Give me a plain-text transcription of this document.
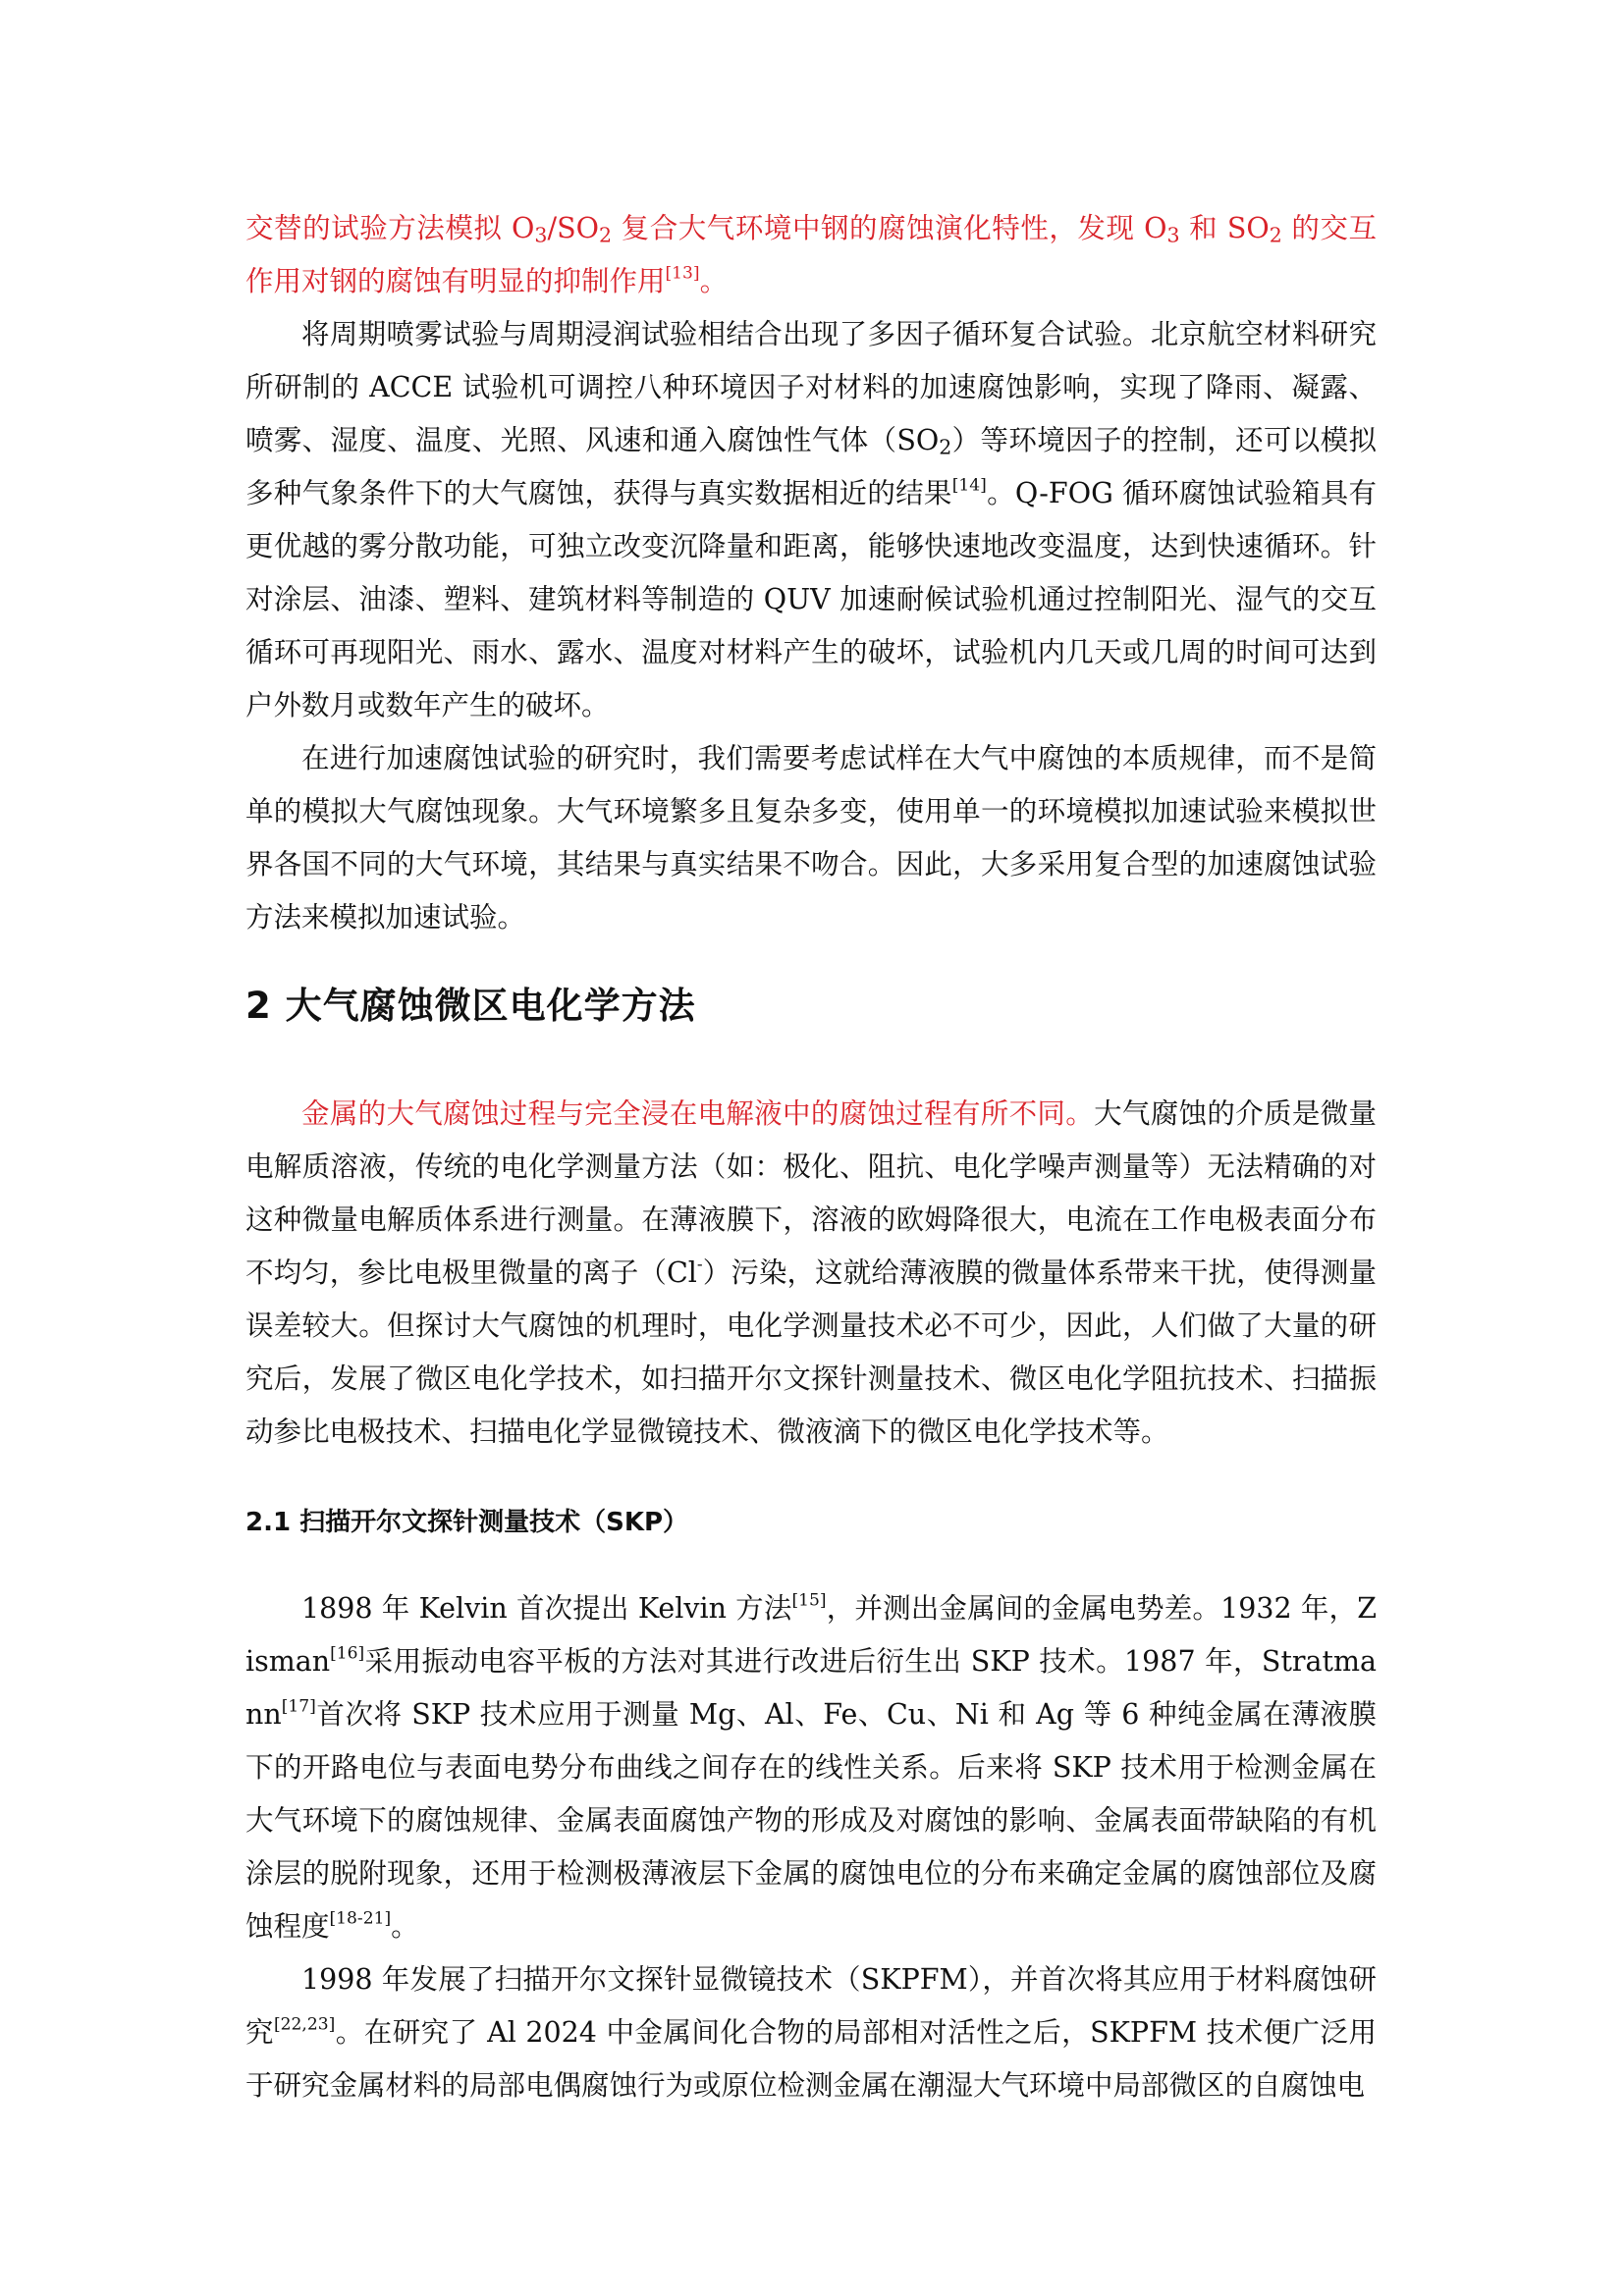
交替的试验方法模拟 $O_3/SO_2$ 复合大气环境中钢的腐蚀演化特性，发现 $O_3$ 和 $SO_2$ 的交互作用对钢的腐蚀有明显的抑制作用[13]。

将周期喷雾试验与周期浸润试验相结合出现了多因子循环复合试验。北京航空材料研究所研制的 ACCE 试验机可调控八种环境因子对材料的加速腐蚀影响，实现了降雨、凝露、喷雾、湿度、温度、光照、风速和通入腐蚀性气体$(SO_2)$等环境因子的控制，还可以模拟多种气象条件下的大气腐蚀，获得与真实数据相近的结果[14]。Q-FOG 循环腐蚀试验箱具有更优越的雾分散功能，可独立改变沉降量和距离，能够快速地改变温度，达到快速循环。针对涂层、油漆、塑料、建筑材料等制造的 QUV 加速耐候试验机通过控制阳光、湿气的交互循环可再现阳光、雨水、露水、温度对材料产生的破坏，试验机内几天或几周的时间可达到户外数月或数年产生的破坏。

在进行加速腐蚀试验的研究时，我们需要考虑试样在大气中腐蚀的本质规律，而不是简单的模拟大气腐蚀现象。大气环境繁多且复杂多变，使用单一的环境模拟加速试验来模拟世界各国不同的大气环境，其结果与真实结果不吻合。因此，大多采用复合型的加速腐蚀试验方法来模拟加速试验。

2 大气腐蚀微区电化学方法

金属的大气腐蚀过程与完全浸在电解液中的腐蚀过程有所不同。大气腐蚀的介质是微量电解质溶液，传统的电化学测量方法（如：极化、阻抗、电化学噪声测量等）无法精确的对这种微量电解质体系进行测量。在薄液膜下，溶液的欧姆降很大，电流在工作电极表面分布不均匀，参比电极里微量的离子（Cl-）污染，这就给薄液膜的微量体系带来干扰，使得测量误差较大。但探讨大气腐蚀的机理时，电化学测量技术必不可少，因此，人们做了大量的研究后，发展了微区电化学技术，如扫描开尔文探针测量技术、微区电化学阻抗技术、扫描振动参比电极技术、扫描电化学显微镜技术、微液滴下的微区电化学技术等。

2.1 扫描开尔文探针测量技术（SKP）

1898 年 Kelvin 首次提出 Kelvin 方法[15]，并测出金属间的金属电势差。1932 年，Zisman[16]采用振动电容平板的方法对其进行改进后衍生出 SKP 技术。1987 年，Stratmann[17]首次将 SKP 技术应用于测量 Mg、Al、Fe、Cu、Ni 和 Ag 等 6 种纯金属在薄液膜下的开路电位与表面电势分布曲线之间存在的线性关系。后来将 SKP 技术用于检测金属在大气环境下的腐蚀规律、金属表面腐蚀产物的形成及对腐蚀的影响、金属表面带缺陷的有机涂层的脱附现象，还用于检测极薄液层下金属的腐蚀电位的分布来确定金属的腐蚀部位及腐蚀程度[18-21]。

1998 年发展了扫描开尔文探针显微镜技术（SKPFM），并首次将其应用于材料腐蚀研究[22,23]。在研究了 Al 2024 中金属间化合物的局部相对活性之后，SKPFM 技术便广泛用于研究金属材料的局部电偶腐蚀行为或原位检测金属在潮湿大气环境中局部微区的自腐蚀电
